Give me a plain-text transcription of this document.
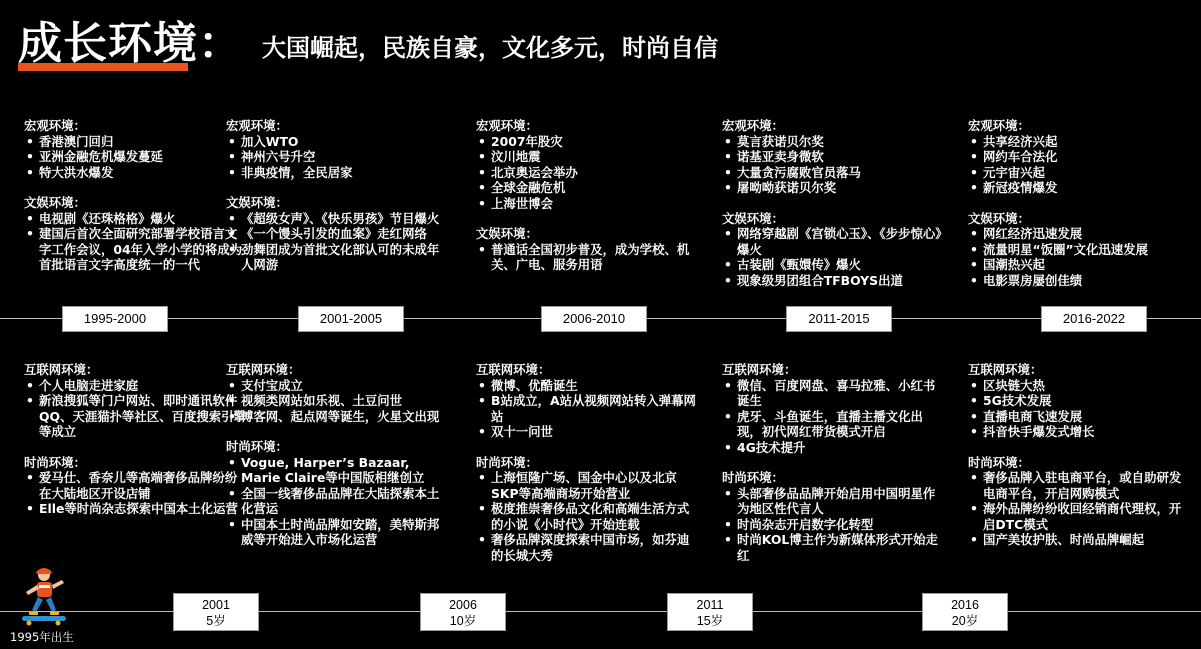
成长环境： 大国崛起，民族自豪，文化多元，时尚自信
宏观环境：
• 香港澳门回归
• 亚洲金融危机爆发蔓延
• 特大洪水爆发
文娱环境：
• 电视剧《还珠格格》爆火
• 建国后首次全面研究部署学校语言文字工作会议，04年入学小学的将成为首批语言文字高度统一的一代
宏观环境：
• 加入WTO
• 神州六号升空
• 非典疫情，全民居家
文娱环境：
• 《超级女声》、《快乐男孩》节目爆火
• 《一个馒头引发的血案》走红网络
• 劲舞团成为首批文化部认可的未成年人网游
宏观环境：
• 2007年股灾
• 汶川地震
• 北京奥运会举办
• 全球金融危机
• 上海世博会
文娱环境：
• 普通话全国初步普及，成为学校、机关、广电、服务用语
宏观环境：
• 莫言获诺贝尔奖
• 诺基亚卖身微软
• 大量贪污腐败官员落马
• 屠呦呦获诺贝尔奖
文娱环境：
• 网络穿越剧《宫锁心玉》、《步步惊心》爆火
• 古装剧《甄嬛传》爆火
• 现象级男团组合TFBOYS出道
宏观环境：
• 共享经济兴起
• 网约车合法化
• 元宇宙兴起
• 新冠疫情爆发
文娱环境：
• 网红经济迅速发展
• 流量明星“饭圈”文化迅速发展
• 国潮热兴起
• 电影票房屡创佳绩
1995-2000	2001-2005	2006-2010	2011-2015	2016-2022
互联网环境：
• 个人电脑走进家庭
• 新浪搜狐等门户网站、即时通讯软件QQ、天涯猫扑等社区、百度搜索引擎等成立
时尚环境：
• 爱马仕、香奈儿等高端奢侈品牌纷纷在大陆地区开设店铺
• Elle等时尚杂志探索中国本土化运营
互联网环境：
• 支付宝成立
• 视频类网站如乐视、土豆问世
• 博客网、起点网等诞生，火星文出现
时尚环境：
• Vogue, Harper’s Bazaar, Marie Claire等中国版相继创立
• 全国一线奢侈品品牌在大陆探索本土化营运
• 中国本土时尚品牌如安踏，美特斯邦威等开始进入市场化运营
互联网环境：
• 微博、优酷诞生
• B站成立，A站从视频网站转入弹幕网站
• 双十一问世
时尚环境：
• 上海恒隆广场、国金中心以及北京SKP等高端商场开始营业
• 极度推崇奢侈品文化和高端生活方式的小说《小时代》开始连载
• 奢侈品牌深度探索中国市场，如芬迪的长城大秀
互联网环境：
• 微信、百度网盘、喜马拉雅、小红书诞生
• 虎牙、斗鱼诞生，直播主播文化出现，初代网红带货模式开启
• 4G技术提升
时尚环境：
• 头部奢侈品品牌开始启用中国明星作为地区性代言人
• 时尚杂志开启数字化转型
• 时尚KOL博主作为新媒体形式开始走红
互联网环境：
• 区块链大热
• 5G技术发展
• 直播电商飞速发展
• 抖音快手爆发式增长
时尚环境：
• 奢侈品牌入驻电商平台，或自助研发电商平台，开启网购模式
• 海外品牌纷纷收回经销商代理权，开启DTC模式
• 国产美妆护肤、时尚品牌崛起
2001
5岁
2006
10岁
2011
15岁
2016
20岁
1995年出生
